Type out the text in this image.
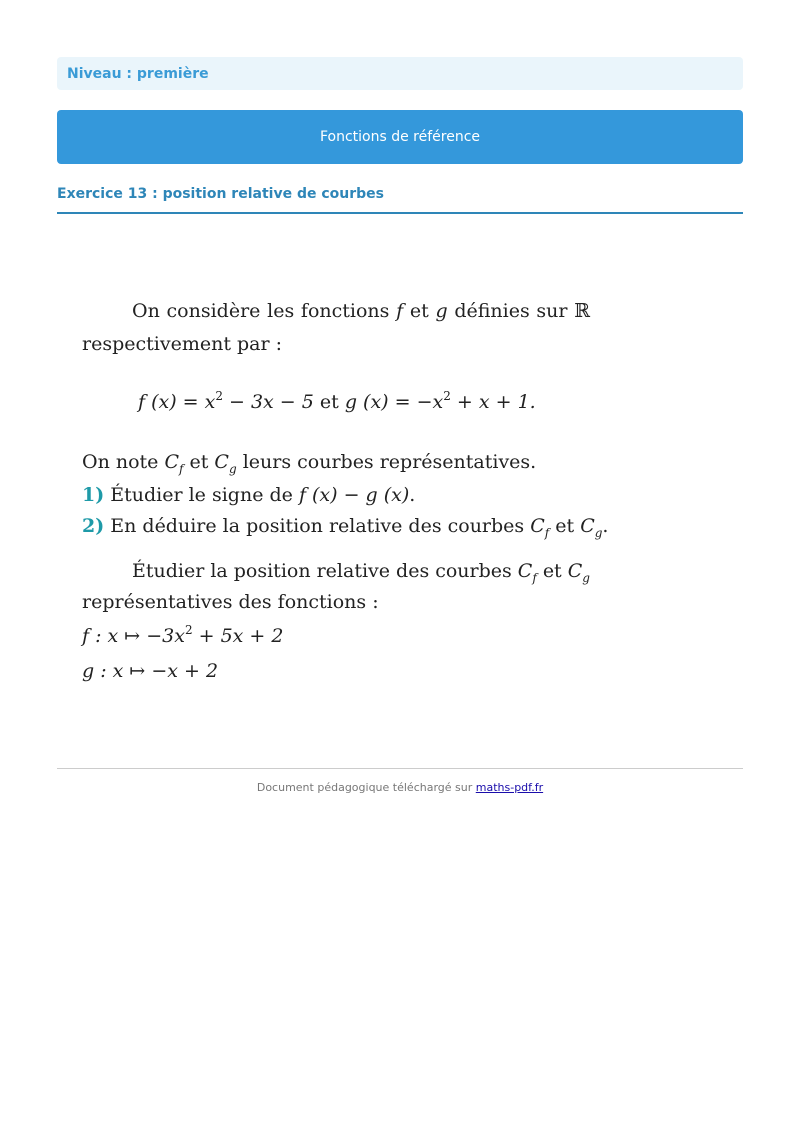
Niveau : première
Fonctions de référence
Exercice 13 : position relative de courbes
On considère les fonctions f et g définies sur ℝ
respectivement par :
f $(x) = x^2 - 3x - 5$ et g $(x) = -x^2 + x + 1$.
On note $C_f$ et $C_g$ leurs courbes représentatives.
1) Étudier le signe de f (x) − g (x).
2) En déduire la position relative des courbes $C_f$ et $C_g$.
Étudier la position relative des courbes $C_f$ et $C_g$
représentatives des fonctions :
f : x ↦ $-3x^2 + 5x + 2$
g : x ↦ −x + 2
Document pédagogique téléchargé sur maths-pdf.fr
